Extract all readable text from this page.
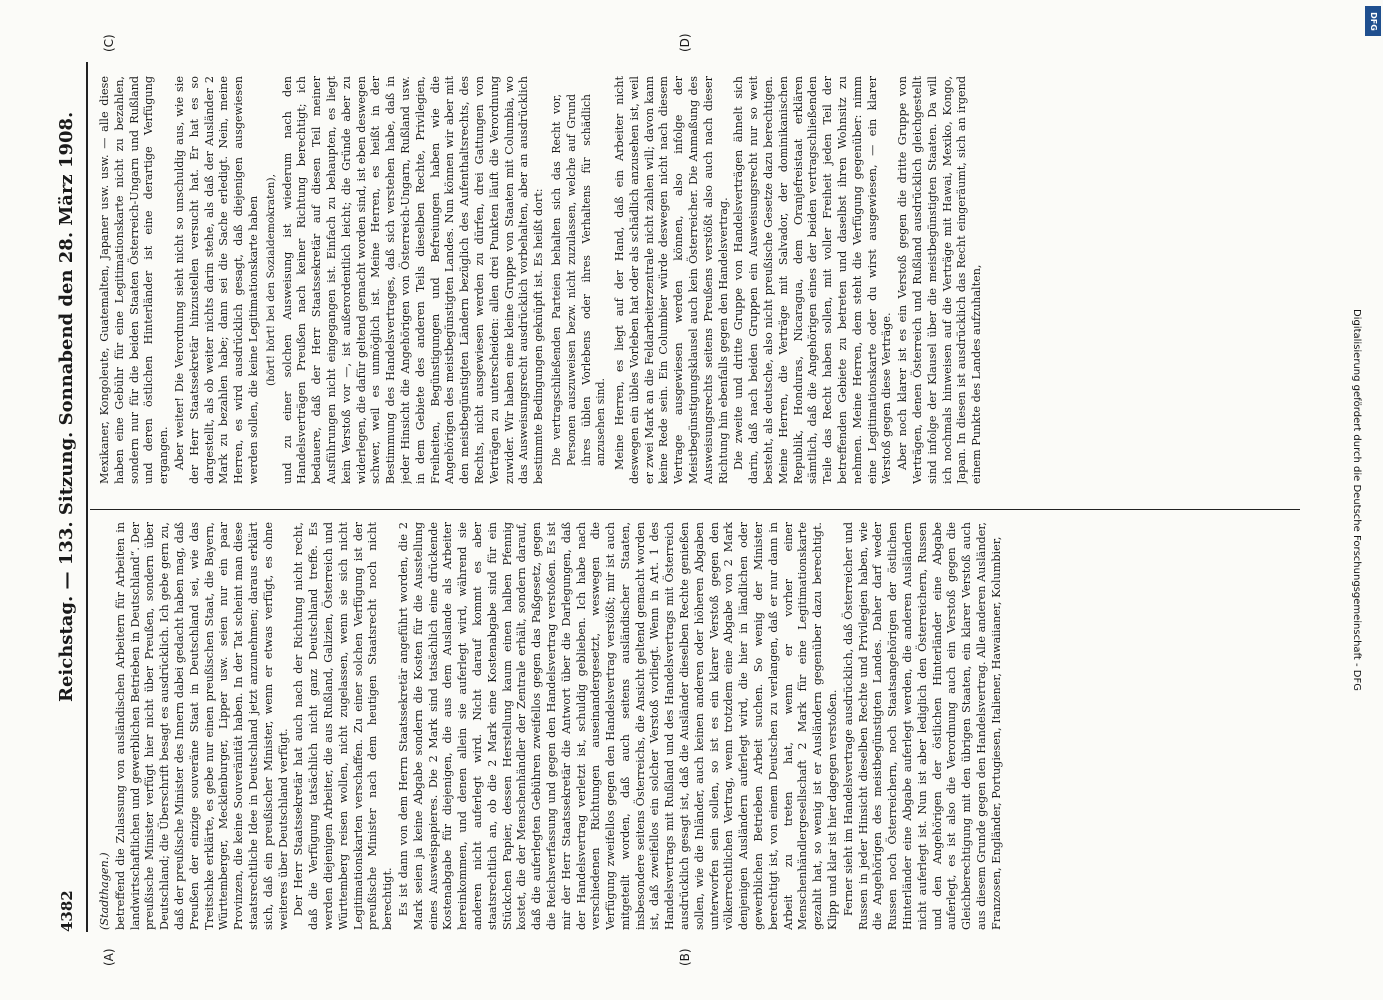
4382
Reichstag. — 133. Sitzung. Sonnabend den 28. März 1908.
(A)	(B)
(C)	(D)

(Stadthagen.) betreffend die Zulassung von ausländischen Arbeitern für Arbeiten in landwirtschaftlichen und gewerblichen Betrieben in Deutschland“. Der preußische Minister verfügt hier nicht über Preußen, sondern über Deutschland; die Überschrift besagt es ausdrücklich. Ich gebe gern zu, daß der preußische Minister des Innern dabei gedacht haben mag, daß Preußen der einzige souveräne Staat in Deutschland sei, wie das Treitschke erklärte, es gebe nur einen preußischen Staat, die Bayern, Württemberger, Mecklenburger, Lipper usw. seien nur ein paar Provinzen, die keine Souveränität haben. In der Tat scheint man diese staatsrechtliche Idee in Deutschland jetzt anzunehmen; daraus erklärt sich, daß ein preußischer Minister, wenn er etwas verfügt, es ohne weiteres über Deutschland verfügt. Der Herr Staatssekretär hat auch nach der Richtung nicht recht, daß die Verfügung tatsächlich nicht ganz Deutschland treffe. Es werden diejenigen Arbeiter, die aus Rußland, Galizien, Österreich und Württemberg reisen wollen, nicht zugelassen, wenn sie sich nicht Legitimationskarten verschaffen. Zu einer solchen Verfügung ist der preußische Minister nach dem heutigen Staatsrecht noch nicht berechtigt. Es ist dann von dem Herrn Staatssekretär angeführt worden, die 2 Mark seien ja keine Abgabe sondern die Kosten für die Ausstellung eines Ausweispapieres. Die 2 Mark sind tatsächlich eine drückende Kostenabgabe für diejenigen, die aus dem Auslande als Arbeiter hereinkommen, und denen allein sie auferlegt wird, während sie anderen nicht auferlegt wird. Nicht darauf kommt es aber staatsrechtlich an, ob die 2 Mark eine Kostenabgabe sind für ein Stückchen Papier, dessen Herstellung kaum einen halben Pfennig kostet, die der Menschenhändler der Zentrale erhält, sondern darauf, daß die auferlegten Gebühren zweifellos gegen das Paßgesetz, gegen die Reichsverfassung und gegen den Handelsvertrag verstoßen. Es ist mir der Herr Staatssekretär die Antwort über die Darlegungen, daß der Handelsvertrag verletzt ist, schuldig geblieben. Ich habe nach verschiedenen Richtungen auseinandergesetzt, weswegen die Verfügung zweifellos gegen den Handelsvertrag verstößt; mir ist auch mitgeteilt worden, daß auch seitens ausländischer Staaten, insbesondere seitens Österreichs, die Ansicht geltend gemacht worden ist, daß zweifellos ein solcher Verstoß vorliegt. Wenn in Art. 1 des Handelsvertrags mit Rußland und des Handelsvertrags mit Österreich ausdrücklich gesagt ist, daß die Ausländer dieselben Rechte genießen sollen, wie die Inländer, auch keinen anderen oder höheren Abgaben unterworfen sein sollen, so ist es ein klarer Verstoß gegen den völkerrechtlichen Vertrag, wenn trotzdem eine Abgabe von 2 Mark denjenigen Ausländern auferlegt wird, die hier in ländlichen oder gewerblichen Betrieben Arbeit suchen. So wenig der Minister berechtigt ist, von einem Deutschen zu verlangen, daß er nur dann in Arbeit zu treten hat, wenn er vorher einer Menschenhändlergesellschaft 2 Mark für eine Legitimationskarte gezahlt hat, so wenig ist er Ausländern gegenüber dazu berechtigt. Klipp und klar ist hier dagegen verstoßen. Ferner sieht im Handelsvertrage ausdrücklich, daß Österreicher und Russen in jeder Hinsicht dieselben Rechte und Privilegien haben, wie die Angehörigen des meistbegünstigten Landes. Daher darf weder Russen noch Österreichern, noch Staatsangehörigen der östlichen Hinterländer eine Abgabe auferlegt werden, die anderen Ausländern nicht auferlegt ist. Nun ist aber lediglich den Österreichern, Russen und den Angehörigen der östlichen Hinterländer eine Abgabe auferlegt, es ist also die Verordnung auch ein Verstoß gegen die Gleichberechtigung mit den übrigen Staaten, ein klarer Verstoß auch aus diesem Grunde gegen den Handelsvertrag. Alle anderen Ausländer, Franzosen, Engländer, Portugiesen, Italiener, Hawaiianer, Kolumbier,

Mexikaner, Kongoleute, Guatemalten, Japaner usw. usw. — alle diese haben eine Gebühr für eine Legitimationskarte nicht zu bezahlen, sondern nur für die beiden Staaten Österreich-Ungarn und Rußland und deren östlichen Hinterländer ist eine derartige Verfügung ergangen. Aber weiter! Die Verordnung sieht nicht so unschuldig aus, wie sie der Herr Staatssekretär hinzustellen versucht hat. Er hat es so dargestellt, als ob weiter nichts darin stehe, als daß der Ausländer 2 Mark zu bezahlen habe; dann sei die Sache erledigt. Nein, meine Herren, es wird ausdrücklich gesagt, daß diejenigen ausgewiesen werden sollen, die keine Legitimationskarte haben (hört! hört! bei den Sozialdemokraten), und zu einer solchen Ausweisung ist wiederum nach den Handelsverträgen Preußen nach keiner Richtung berechtigt; ich bedauere, daß der Herr Staatssekretär auf diesen Teil meiner Ausführungen nicht eingegangen ist. Einfach zu behaupten, es liegt kein Verstoß vor —, ist außerordentlich leicht; die Gründe aber zu widerlegen, die dafür geltend gemacht worden sind, ist eben deswegen schwer, weil es unmöglich ist. Meine Herren, es heißt in der Bestimmung des Handelsvertrages, daß sich verstehen habe, daß in jeder Hinsicht die Angehörigen von Österreich-Ungarn, Rußland usw. in dem Gebiete des anderen Teils dieselben Rechte, Privilegien, Freiheiten, Begünstigungen und Befreiungen haben wie die Angehörigen des meistbegünstigten Landes. Nun können wir aber mit den meistbegünstigten Ländern bezüglich des Aufenthaltsrechts, des Rechts, nicht ausgewiesen werden zu dürfen, drei Gattungen von Verträgen zu unterscheiden: allen drei Punkten läuft die Verordnung zuwider. Wir haben eine kleine Gruppe von Staaten mit Columbia, wo das Ausweisungsrecht ausdrücklich vorbehalten, aber an ausdrücklich bestimmte Bedingungen geknüpft ist. Es heißt dort: Die vertragschließenden Parteien behalten sich das Recht vor, Personen auszuweisen bezw. nicht zuzulassen, welche auf Grund ihres üblen Vorlebens oder ihres Verhaltens für schädlich anzusehen sind. Meine Herren, es liegt auf der Hand, daß ein Arbeiter nicht deswegen ein übles Vorleben hat oder als schädlich anzusehen ist, weil er zwei Mark an die Feldarbeiterzentrale nicht zahlen will; davon kann keine Rede sein. Ein Columbier würde deswegen nicht nach diesem Vertrage ausgewiesen werden können, also infolge der Meistbegünstigungsklausel auch kein Österreicher. Die Anmaßung des Ausweisungsrechts seitens Preußens verstößt also auch nach dieser Richtung hin ebenfalls gegen den Handelsvertrag. Die zweite und dritte Gruppe von Handelsverträgen ähnelt sich darin, daß nach beiden Gruppen ein Ausweisungsrecht nur so weit besteht, als deutsche, also nicht preußische Gesetze dazu berechtigen. Meine Herren, die Verträge mit Salvador, der dominikanischen Republik, Honduras, Nicaragua, dem Oranjefreistaat erklären sämtlich, daß die Angehörigen eines der beiden vertragschließenden Teile das Recht haben sollen, mit voller Freiheit jeden Teil der betreffenden Gebiete zu betreten und daselbst ihren Wohnsitz zu nehmen. Meine Herren, dem steht die Verfügung gegenüber: nimm eine Legitimationskarte oder du wirst ausgewiesen, — ein klarer Verstoß gegen diese Verträge. Aber noch klarer ist es ein Verstoß gegen die dritte Gruppe von Verträgen, denen Österreich und Rußland ausdrücklich gleichgestellt sind infolge der Klausel über die meistbegünstigten Staaten. Da will ich nochmals hinweisen auf die Verträge mit Hawai, Mexiko, Kongo, Japan. In diesen ist ausdrücklich das Recht eingeräumt, sich an irgend einem Punkte des Landes aufzuhalten,	Digitalisierung gefördert durch die Deutsche Forschungsgemeinschaft - DFG
DFG
